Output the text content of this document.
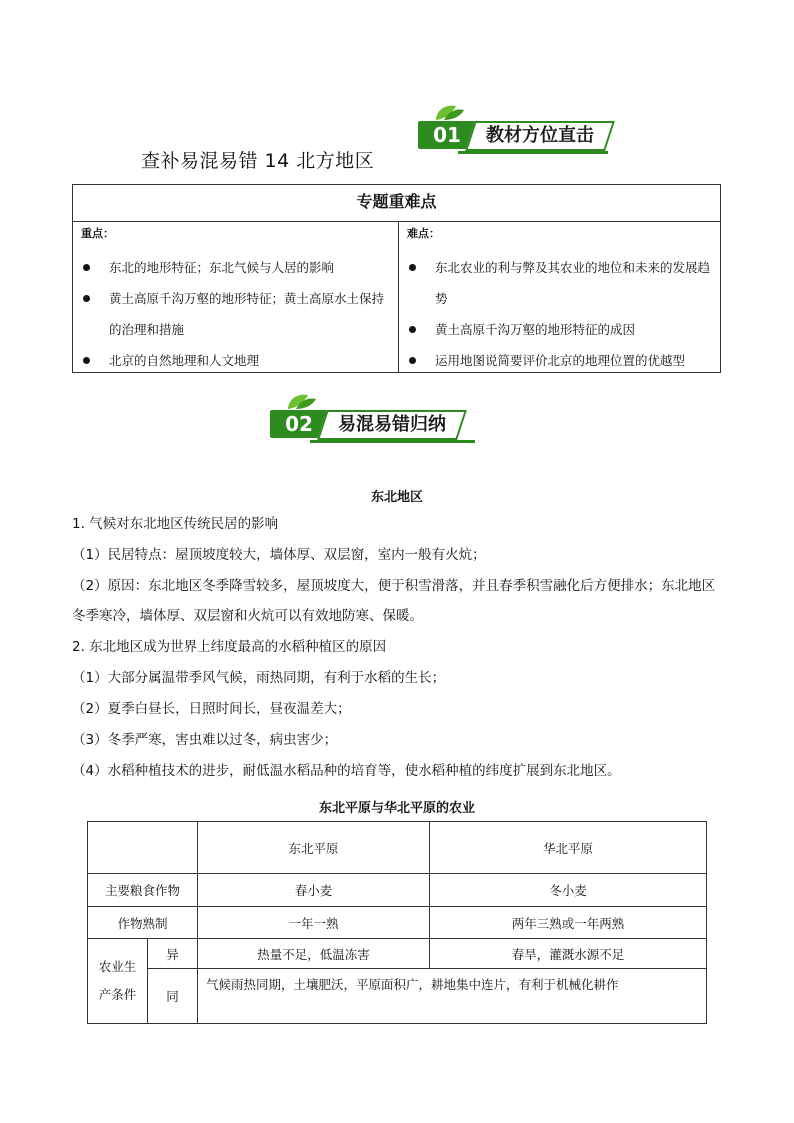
01	教材方位直击
查补易混易错 14 北方地区
专题重难点
重点：
东北的地形特征；东北气候与人居的影响
黄土高原千沟万壑的地形特征；黄土高原水土保持的治理和措施
北京的自然地理和人文地理
难点：
东北农业的利与弊及其农业的地位和未来的发展趋势
黄土高原千沟万壑的地形特征的成因
运用地图说简要评价北京的地理位置的优越型
02	易混易错归纳
东北地区
1. 气候对东北地区传统民居的影响
（1）民居特点：屋顶坡度较大，墙体厚、双层窗，室内一般有火炕；
（2）原因：东北地区冬季降雪较多，屋顶坡度大，便于积雪滑落，并且春季积雪融化后方便排水；东北地区冬季寒冷，墙体厚、双层窗和火炕可以有效地防寒、保暖。
2. 东北地区成为世界上纬度最高的水稻种植区的原因
（1）大部分属温带季风气候，雨热同期，有利于水稻的生长；
（2）夏季白昼长，日照时间长，昼夜温差大；
（3）冬季严寒，害虫难以过冬，病虫害少；
（4）水稻种植技术的进步，耐低温水稻品种的培育等，使水稻种植的纬度扩展到东北地区。
东北平原与华北平原的农业
		东北平原	华北平原
主要粮食作物		春小麦	冬小麦
作物熟制		一年一熟	两年三熟或一年两熟

农业生
产条件	异	热量不足，低温冻害	春旱，灌溉水源不足
	同	气候雨热同期，土壤肥沃，平原面积广，耕地集中连片，有利于机械化耕作	
